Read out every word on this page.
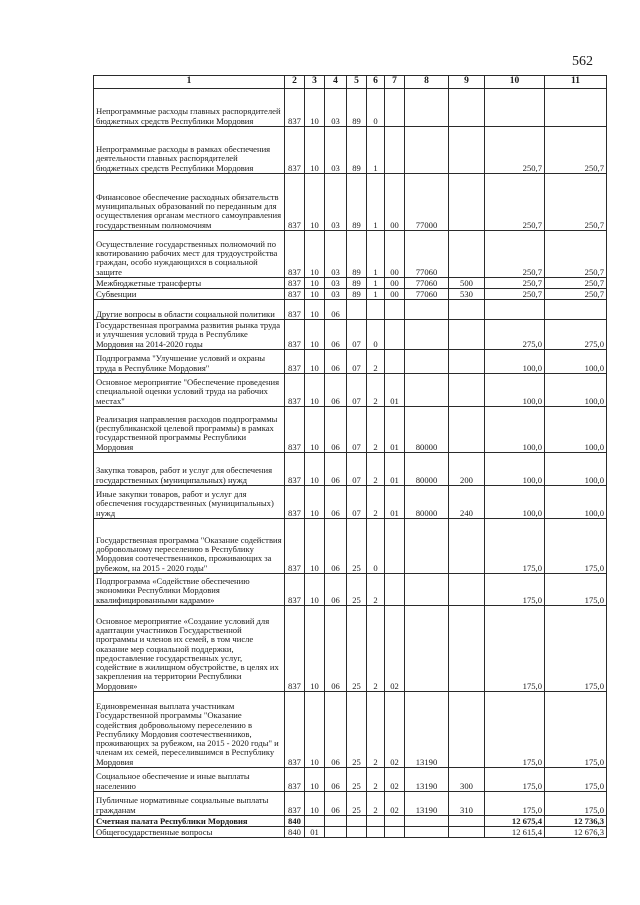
562
1	2	3	4	5	6	7	8	9	10	11
Непрограммные расходы главных распорядителей бюджетных средств Республики Мордовия	837	10	03	89	0					
Непрограммные расходы в рамках обеспечения деятельности главных распорядителей бюджетных средств Республики Мордовия	837	10	03	89	1				250,7	250,7
Финансовое обеспечение расходных обязательств муниципальных образований по переданным для осуществления органам местного самоуправления государственным полномочиям	837	10	03	89	1	00	77000		250,7	250,7
Осуществление государственных полномочий по квотированию рабочих мест для трудоустройства граждан, особо нуждающихся в социальной защите	837	10	03	89	1	00	77060		250,7	250,7
Межбюджетные трансферты	837	10	03	89	1	00	77060	500	250,7	250,7
Субвенции	837	10	03	89	1	00	77060	530	250,7	250,7
Другие вопросы в области социальной политики	837	10	06							
Государственная программа развития рынка труда и улучшения условий труда в Республике Мордовия на 2014-2020 годы	837	10	06	07	0				275,0	275,0
Подпрограмма "Улучшение условий и охраны труда в Республике Мордовия"	837	10	06	07	2				100,0	100,0
Основное мероприятие "Обеспечение проведения специальной оценки условий труда на рабочих местах"	837	10	06	07	2	01			100,0	100,0
Реализация направления расходов подпрограммы (республиканской целевой программы) в рамках государственной программы Республики Мордовия	837	10	06	07	2	01	80000		100,0	100,0
Закупка товаров, работ и услуг для обеспечения государственных (муниципальных) нужд	837	10	06	07	2	01	80000	200	100,0	100,0
Иные закупки товаров, работ и услуг для обеспечения государственных (муниципальных) нужд	837	10	06	07	2	01	80000	240	100,0	100,0
Государственная программа "Оказание содействия добровольному переселению в Республику Мордовия соотечественников, проживающих за рубежом, на 2015 - 2020 годы"	837	10	06	25	0				175,0	175,0
Подпрограмма «Содействие обеспечению экономики Республики Мордовия квалифицированными кадрами»	837	10	06	25	2				175,0	175,0
Основное мероприятие «Создание условий для адаптации участников Государственной программы и членов их семей, в том числе оказание мер социальной поддержки, предоставление государственных услуг, содействие в жилищном обустройстве, в целях их закрепления на территории Республики Мордовия»	837	10	06	25	2	02			175,0	175,0
Единовременная выплата участникам Государственной программы "Оказание содействия добровольному переселению в Республику Мордовия соотечественников, проживающих за рубежом, на 2015 - 2020 годы" и членам их семей, переселившимся в Республику Мордовия	837	10	06	25	2	02	13190		175,0	175,0
Социальное обеспечение и иные выплаты населению	837	10	06	25	2	02	13190	300	175,0	175,0
Публичные нормативные социальные выплаты гражданам	837	10	06	25	2	02	13190	310	175,0	175,0
Счетная палата Республики Мордовия	840								12 675,4	12 736,3
Общегосударственные вопросы	840	01							12 615,4	12 676,3
